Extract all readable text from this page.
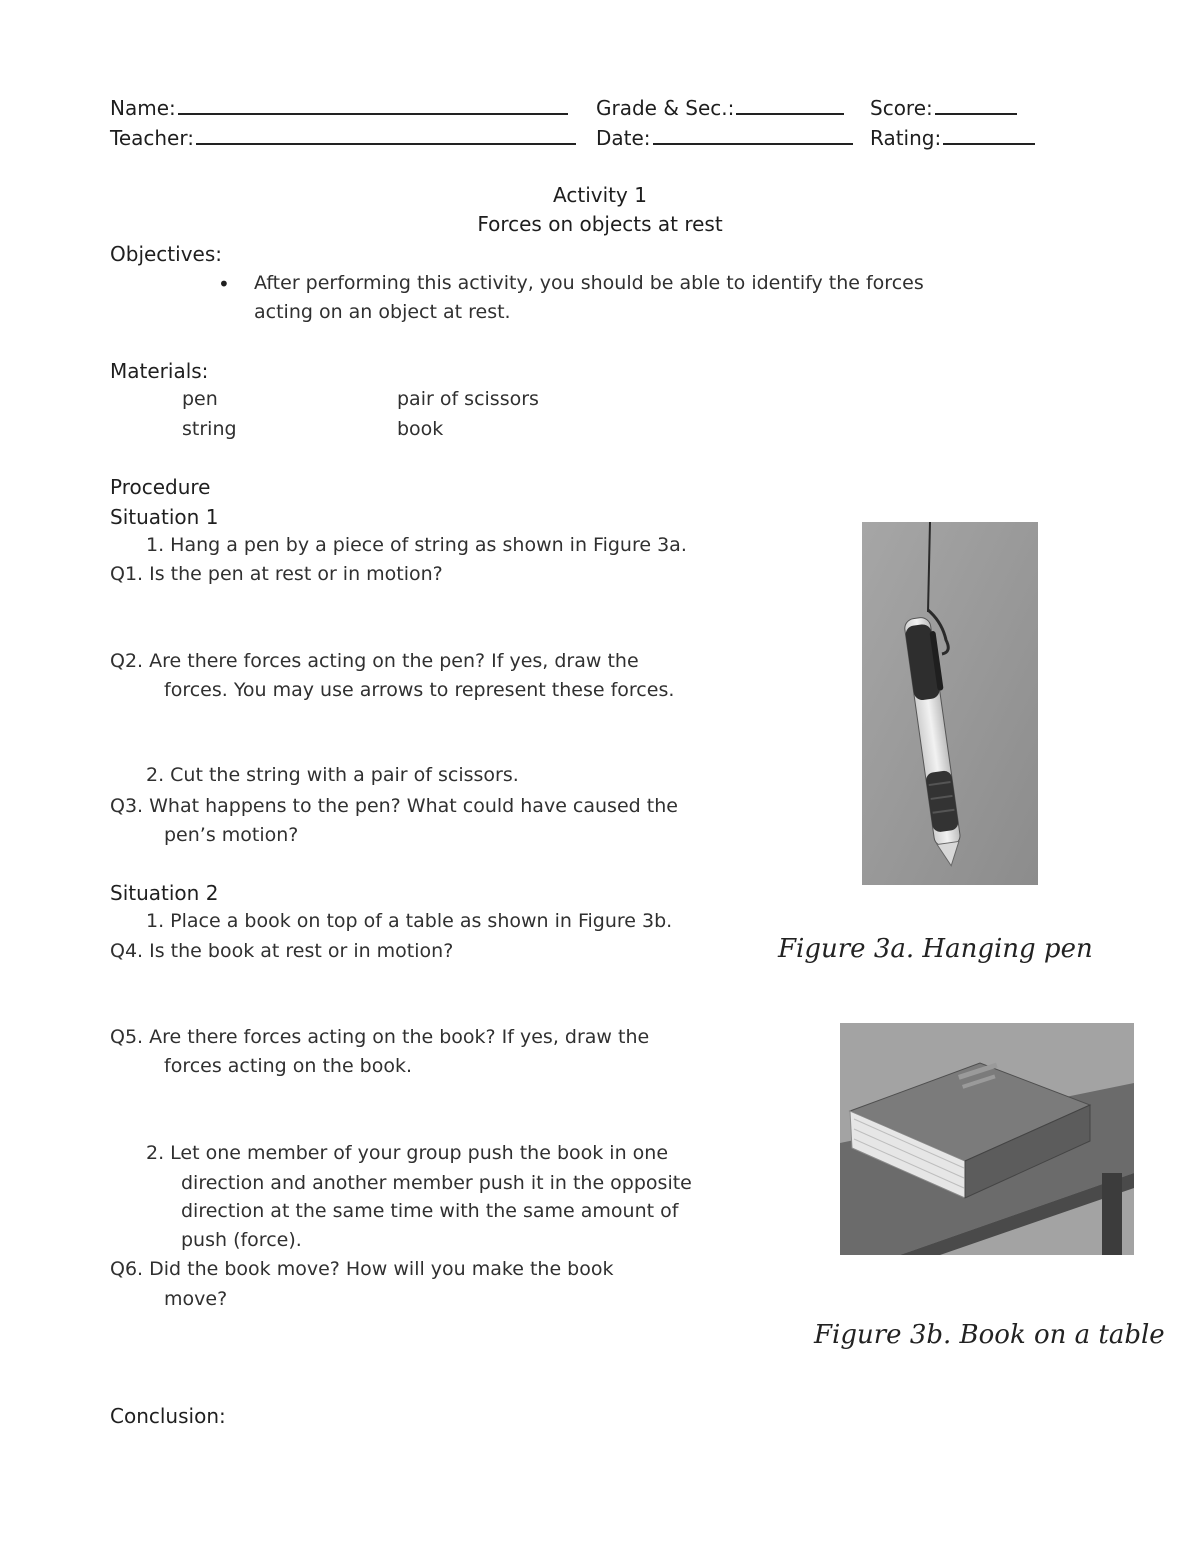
Name:
Teacher:
Grade & Sec.:
Date:
Score:
Rating:
Activity 1
Forces on objects at rest
Objectives:
• After performing this activity, you should be able to identify the forces
acting on an object at rest.
Materials:
pen	pair of scissors
string	book
Procedure
Situation 1
1. Hang a pen by a piece of string as shown in Figure 3a.
Q1. Is the pen at rest or in motion?
Q2. Are there forces acting on the pen? If yes, draw the
forces. You may use arrows to represent these forces.
2. Cut the string with a pair of scissors.
Q3. What happens to the pen? What could have caused the
pen’s motion?
Situation 2
1. Place a book on top of a table as shown in Figure 3b.
Q4. Is the book at rest or in motion?
Q5. Are there forces acting on the book? If yes, draw the
forces acting on the book.
2. Let one member of your group push the book in one
direction and another member push it in the opposite
direction at the same time with the same amount of
push (force).
Q6. Did the book move? How will you make the book
move?
Conclusion:
Figure 3a. Hanging pen
Figure 3b. Book on a table
